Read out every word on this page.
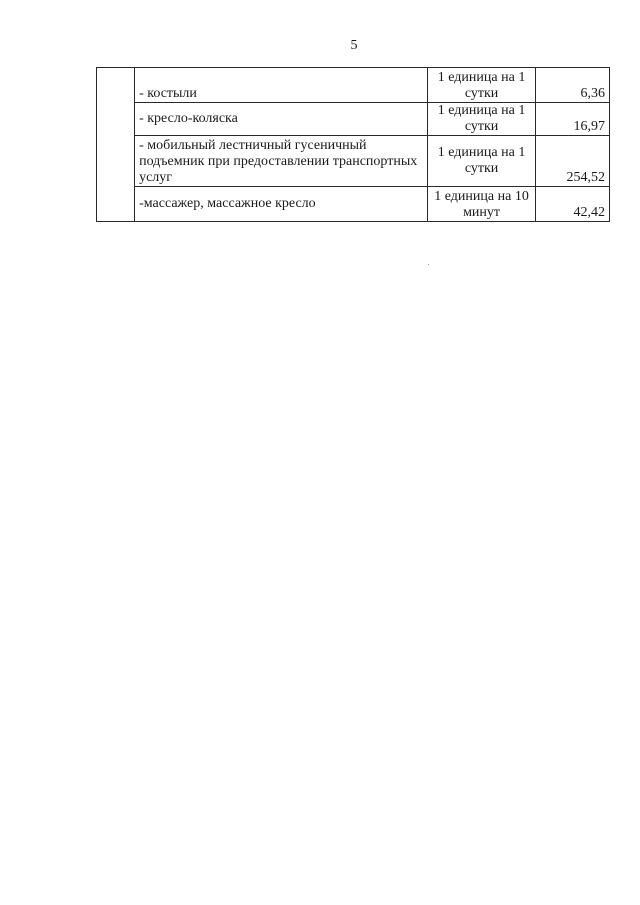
5
	- костыли	1 единица на 1 сутки	6,36
	- кресло-коляска	1 единица на 1 сутки	16,97
	- мобильный лестничный гусеничный подъемник при предоставлении транспортных услуг	1 единица на 1 сутки	254,52
	-массажер, массажное кресло	1 единица на 10 минут	42,42
